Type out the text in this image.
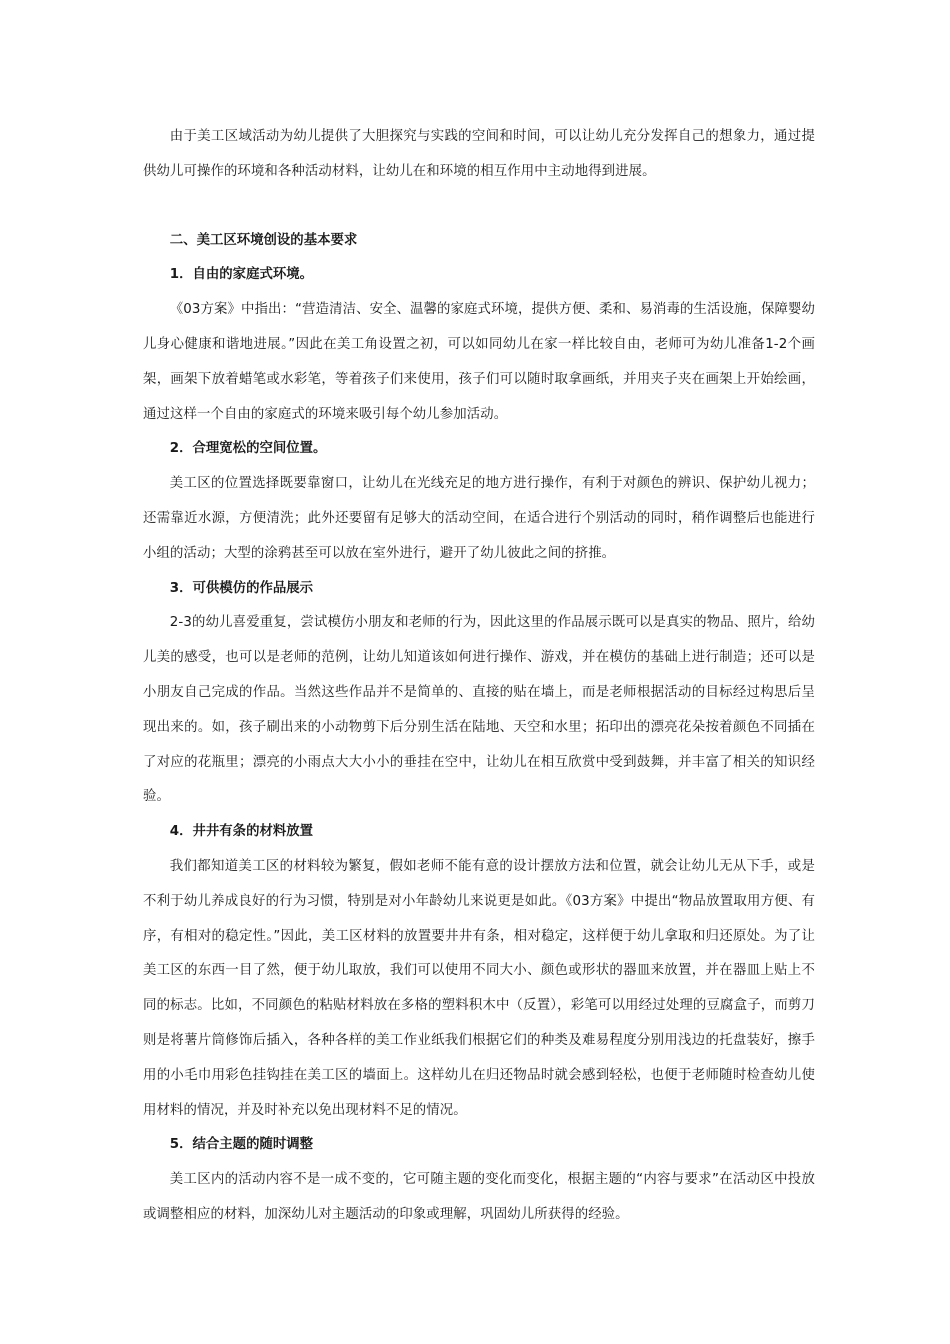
由于美工区域活动为幼儿提供了大胆探究与实践的空间和时间，可以让幼儿充分发挥自己的想象力，通过提供幼儿可操作的环境和各种活动材料，让幼儿在和环境的相互作用中主动地得到进展。

二、美工区环境创设的基本要求
1．自由的家庭式环境。

《03方案》中指出：“营造清洁、安全、温馨的家庭式环境，提供方便、柔和、易消毒的生活设施，保障婴幼儿身心健康和谐地进展。”因此在美工角设置之初，可以如同幼儿在家一样比较自由，老师可为幼儿准备1-2个画架，画架下放着蜡笔或水彩笔，等着孩子们来使用，孩子们可以随时取拿画纸，并用夹子夹在画架上开始绘画，通过这样一个自由的家庭式的环境来吸引每个幼儿参加活动。

2．合理宽松的空间位置。

美工区的位置选择既要靠窗口，让幼儿在光线充足的地方进行操作，有利于对颜色的辨识、保护幼儿视力；还需靠近水源，方便清洗；此外还要留有足够大的活动空间，在适合进行个别活动的同时，稍作调整后也能进行小组的活动；大型的涂鸦甚至可以放在室外进行，避开了幼儿彼此之间的挤推。

3．可供模仿的作品展示

2-3的幼儿喜爱重复，尝试模仿小朋友和老师的行为，因此这里的作品展示既可以是真实的物品、照片，给幼儿美的感受，也可以是老师的范例，让幼儿知道该如何进行操作、游戏，并在模仿的基础上进行制造；还可以是小朋友自己完成的作品。当然这些作品并不是简单的、直接的贴在墙上，而是老师根据活动的目标经过构思后呈现出来的。如，孩子刷出来的小动物剪下后分别生活在陆地、天空和水里；拓印出的漂亮花朵按着颜色不同插在了对应的花瓶里；漂亮的小雨点大大小小的垂挂在空中，让幼儿在相互欣赏中受到鼓舞，并丰富了相关的知识经验。

4．井井有条的材料放置

我们都知道美工区的材料较为繁复，假如老师不能有意的设计摆放方法和位置，就会让幼儿无从下手，或是不利于幼儿养成良好的行为习惯，特别是对小年龄幼儿来说更是如此。《03方案》中提出“物品放置取用方便、有序，有相对的稳定性。”因此，美工区材料的放置要井井有条，相对稳定，这样便于幼儿拿取和归还原处。为了让美工区的东西一目了然，便于幼儿取放，我们可以使用不同大小、颜色或形状的器皿来放置，并在器皿上贴上不同的标志。比如，不同颜色的粘贴材料放在多格的塑料积木中（反置），彩笔可以用经过处理的豆腐盒子，而剪刀则是将薯片筒修饰后插入，各种各样的美工作业纸我们根据它们的种类及难易程度分别用浅边的托盘装好，擦手用的小毛巾用彩色挂钩挂在美工区的墙面上。这样幼儿在归还物品时就会感到轻松，也便于老师随时检查幼儿使用材料的情况，并及时补充以免出现材料不足的情况。

5．结合主题的随时调整

美工区内的活动内容不是一成不变的，它可随主题的变化而变化，根据主题的“内容与要求”在活动区中投放或调整相应的材料，加深幼儿对主题活动的印象或理解，巩固幼儿所获得的经验。
